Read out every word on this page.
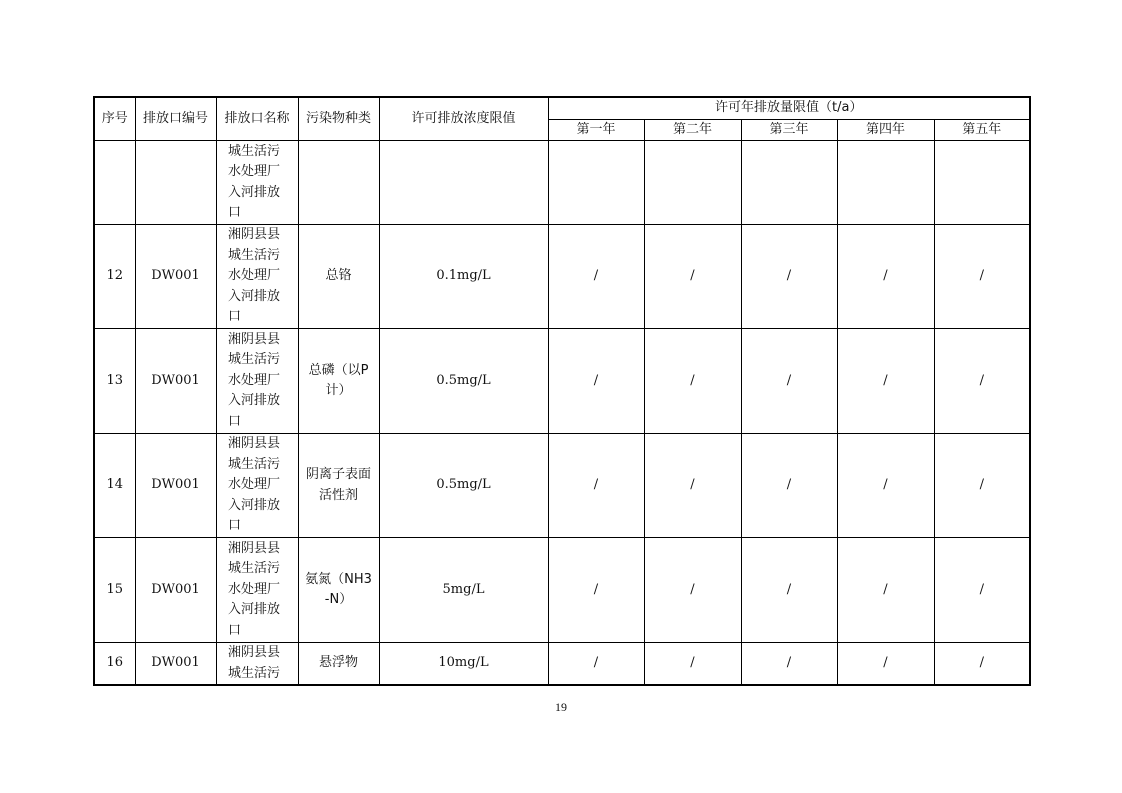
序号	排放口编号	排放口名称	污染物种类	许可排放浓度限值	许可年排放量限值（t/a）				
					第一年	第二年	第三年	第四年	第五年
		城生活污水处理厂入河排放口							
12	DW001	湘阴县县城生活污水处理厂入河排放口	总铬	0.1mg/L	/	/	/	/	/
13	DW001	湘阴县县城生活污水处理厂入河排放口	总磷（以P计）	0.5mg/L	/	/	/	/	/
14	DW001	湘阴县县城生活污水处理厂入河排放口	阴离子表面活性剂	0.5mg/L	/	/	/	/	/
15	DW001	湘阴县县城生活污水处理厂入河排放口	氨氮（NH3-N）	5mg/L	/	/	/	/	/
16	DW001	湘阴县县城生活污	悬浮物	10mg/L	/	/	/	/	/
19
